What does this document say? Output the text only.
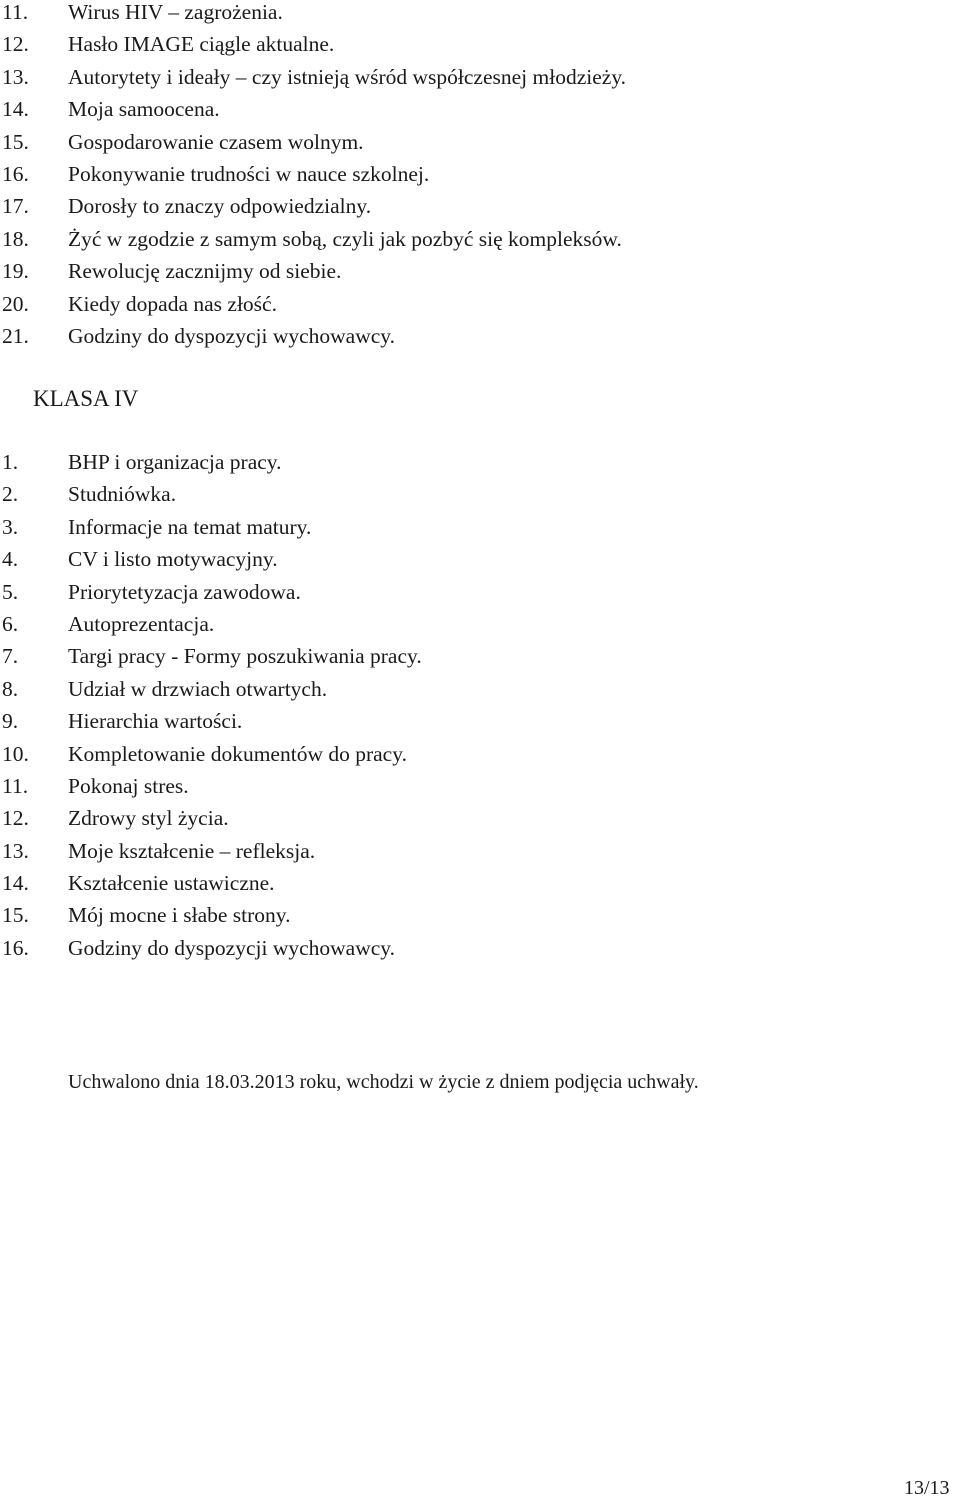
11. Wirus HIV – zagrożenia.
12. Hasło IMAGE ciągle aktualne.
13. Autorytety i ideały – czy istnieją wśród współczesnej młodzieży.
14. Moja samoocena.
15. Gospodarowanie czasem wolnym.
16. Pokonywanie trudności w nauce szkolnej.
17. Dorosły to znaczy odpowiedzialny.
18. Żyć w zgodzie z samym sobą, czyli jak pozbyć się kompleksów.
19. Rewolucję zacznijmy od siebie.
20. Kiedy dopada nas złość.
21. Godziny do dyspozycji wychowawcy.
KLASA IV
1. BHP i organizacja pracy.
2. Studniówka.
3. Informacje na temat matury.
4. CV i listo motywacyjny.
5. Priorytetyzacja zawodowa.
6. Autoprezentacja.
7. Targi pracy - Formy poszukiwania pracy.
8. Udział w drzwiach otwartych.
9. Hierarchia wartości.
10. Kompletowanie dokumentów do pracy.
11. Pokonaj stres.
12. Zdrowy styl życia.
13. Moje kształcenie – refleksja.
14. Kształcenie ustawiczne.
15. Mój mocne i słabe strony.
16. Godziny do dyspozycji wychowawcy.

Uchwalono dnia 18.03.2013 roku, wchodzi w życie z dniem podjęcia uchwały.

13/13
